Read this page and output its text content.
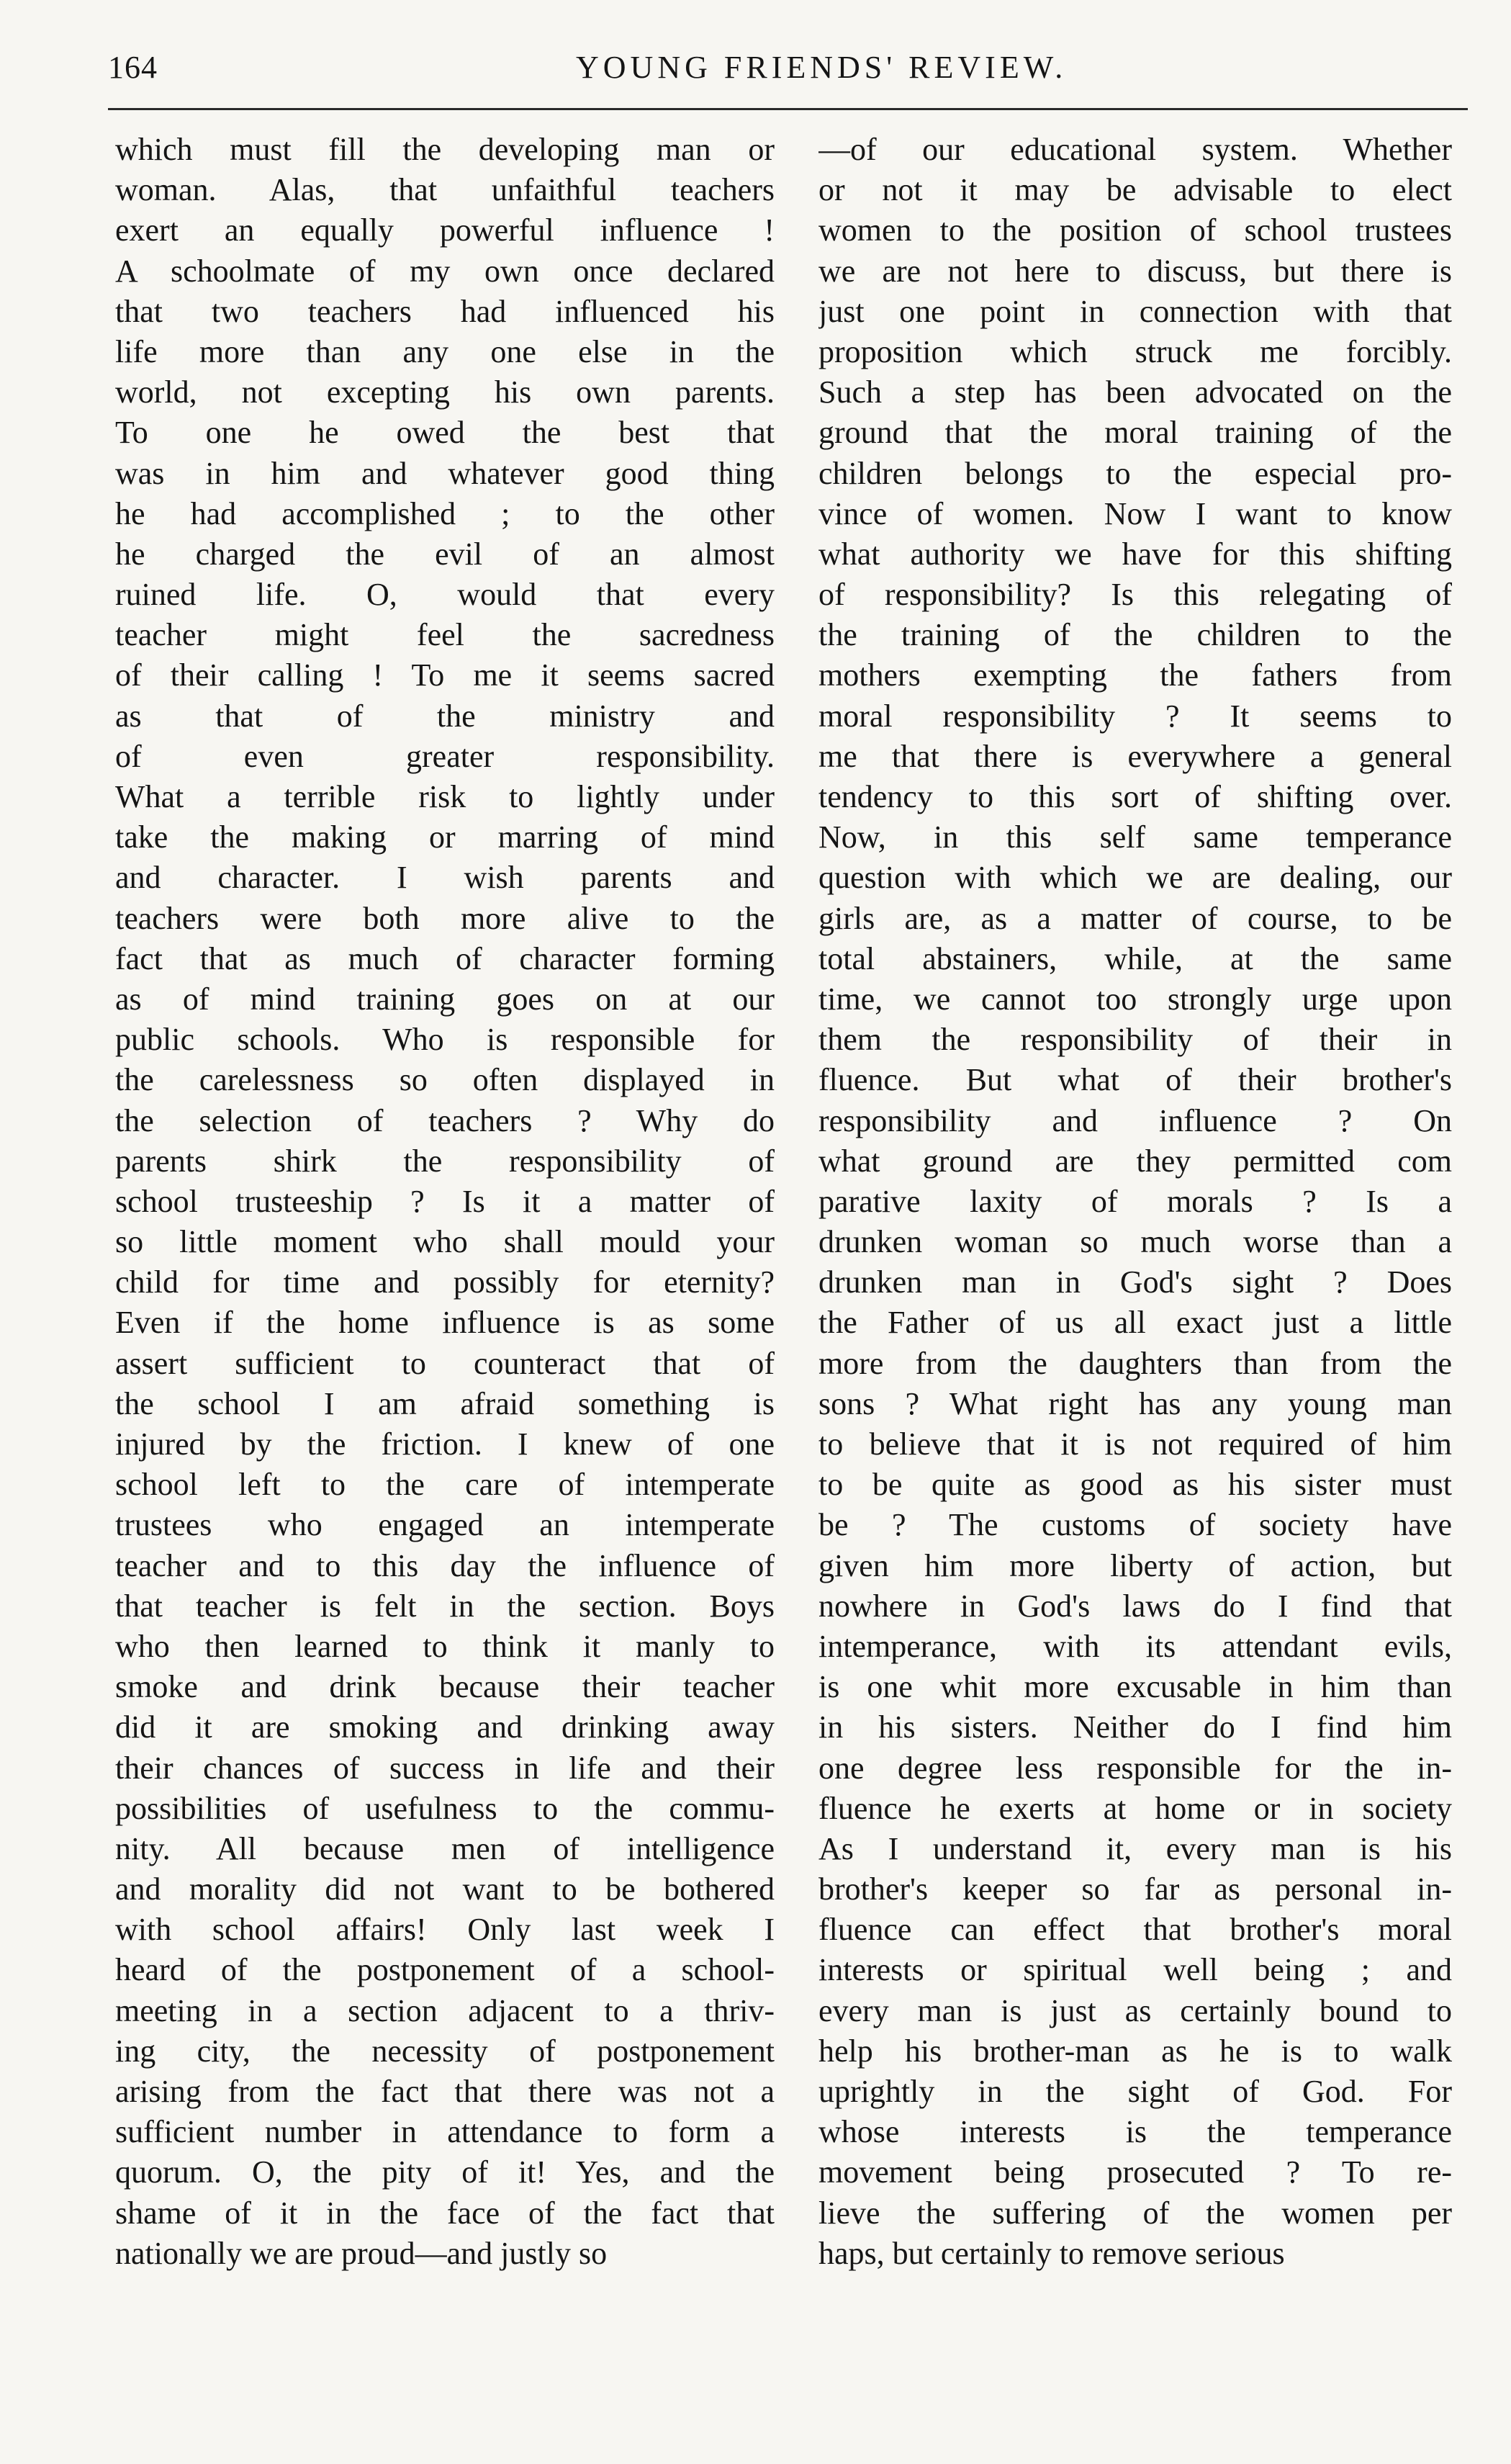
164	YOUNG FRIENDS' REVIEW.
which must fill the developing man or
woman. Alas, that unfaithful teachers
exert an equally powerful influence !
A schoolmate of my own once declared
that two teachers had influenced his
life more than any one else in the
world, not excepting his own parents.
To one he owed the best that
was in him and whatever good thing
he had accomplished ; to the other
he charged the evil of an almost
ruined life. O, would that every
teacher might feel the sacredness
of their calling ! To me it seems sacred
as that of the ministry and
of even greater responsibility.
What a terrible risk to lightly under
take the making or marring of mind
and character. I wish parents and
teachers were both more alive to the
fact that as much of character forming
as of mind training goes on at our
public schools. Who is responsible for
the carelessness so often displayed in
the selection of teachers ? Why do
parents shirk the responsibility of
school trusteeship ? Is it a matter of
so little moment who shall mould your
child for time and possibly for eternity?
Even if the home influence is as some
assert sufficient to counteract that of
the school I am afraid something is
injured by the friction. I knew of one
school left to the care of intemperate
trustees who engaged an intemperate
teacher and to this day the influence of
that teacher is felt in the section. Boys
who then learned to think it manly to
smoke and drink because their teacher
did it are smoking and drinking away
their chances of success in life and their
possibilities of usefulness to the commu-
nity. All because men of intelligence
and morality did not want to be bothered
with school affairs! Only last week I
heard of the postponement of a school-
meeting in a section adjacent to a thriv-
ing city, the necessity of postponement
arising from the fact that there was not a
sufficient number in attendance to form a
quorum. O, the pity of it! Yes, and the
shame of it in the face of the fact that
nationally we are proud—and justly so
—of our educational system. Whether
or not it may be advisable to elect
women to the position of school trustees
we are not here to discuss, but there is
just one point in connection with that
proposition which struck me forcibly.
Such a step has been advocated on the
ground that the moral training of the
children belongs to the especial pro-
vince of women. Now I want to know
what authority we have for this shifting
of responsibility? Is this relegating of
the training of the children to the
mothers exempting the fathers from
moral responsibility ? It seems to
me that there is everywhere a general
tendency to this sort of shifting over.
Now, in this self same temperance
question with which we are dealing, our
girls are, as a matter of course, to be
total abstainers, while, at the same
time, we cannot too strongly urge upon
them the responsibility of their in
fluence. But what of their brother's
responsibility and influence ? On
what ground are they permitted com
parative laxity of morals ? Is a
drunken woman so much worse than a
drunken man in God's sight ? Does
the Father of us all exact just a little
more from the daughters than from the
sons ? What right has any young man
to believe that it is not required of him
to be quite as good as his sister must
be ? The customs of society have
given him more liberty of action, but
nowhere in God's laws do I find that
intemperance, with its attendant evils,
is one whit more excusable in him than
in his sisters. Neither do I find him
one degree less responsible for the in-
fluence he exerts at home or in society
As I understand it, every man is his
brother's keeper so far as personal in-
fluence can effect that brother's moral
interests or spiritual well being ; and
every man is just as certainly bound to
help his brother-man as he is to walk
uprightly in the sight of God. For
whose interests is the temperance
movement being prosecuted ? To re-
lieve the suffering of the women per
haps, but certainly to remove serious
